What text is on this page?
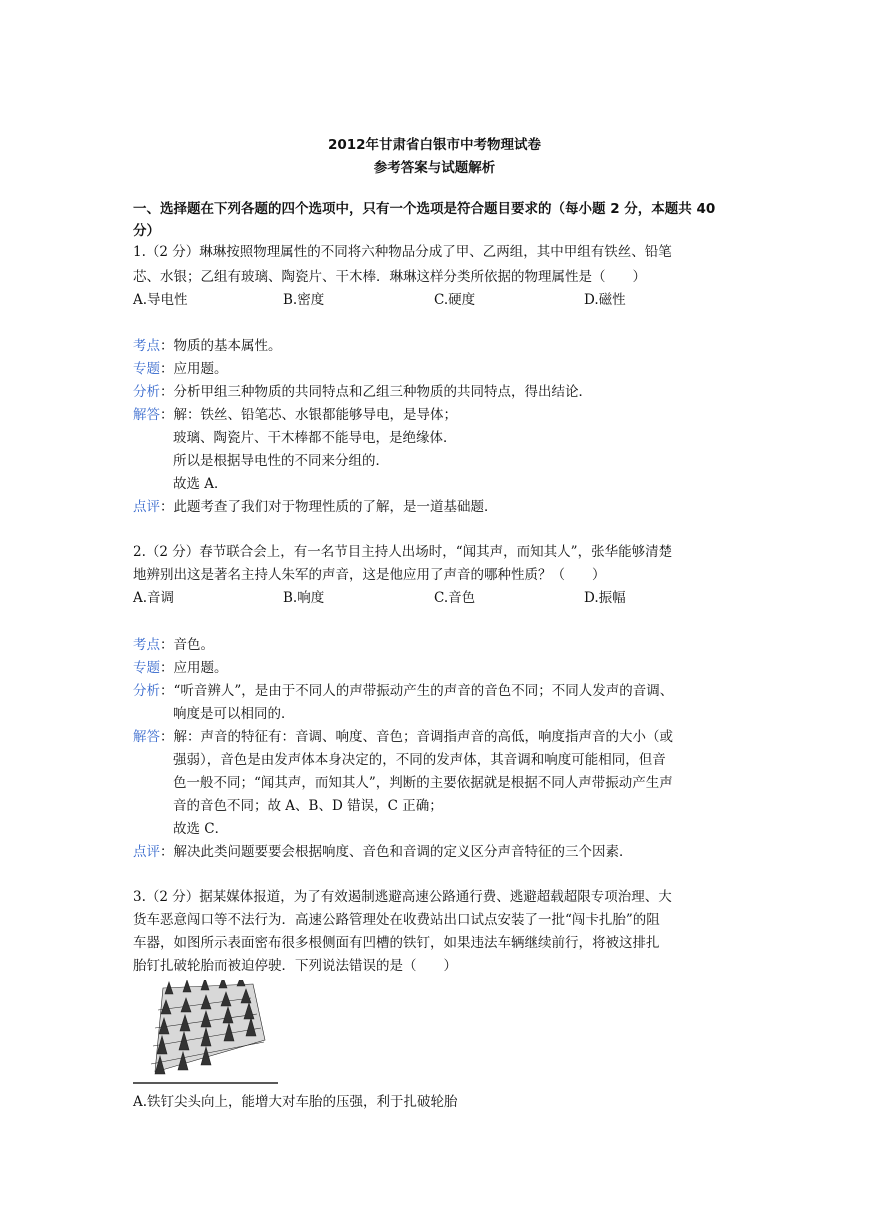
2012年甘肃省白银市中考物理试卷
参考答案与试题解析
一、选择题在下列各题的四个选项中，只有一个选项是符合题目要求的（每小题 2 分，本题共 40 分）
1.（2 分）琳琳按照物理属性的不同将六种物品分成了甲、乙两组，其中甲组有铁丝、铅笔
芯、水银；乙组有玻璃、陶瓷片、干木棒．琳琳这样分类所依据的物理属性是（　　）
A.导电性	B.密度	C.硬度	D.磁性
考点：物质的基本属性。
专题：应用题。
分析：分析甲组三种物质的共同特点和乙组三种物质的共同特点，得出结论．
解答：解：铁丝、铅笔芯、水银都能够导电，是导体；
玻璃、陶瓷片、干木棒都不能导电，是绝缘体．
所以是根据导电性的不同来分组的．
故选 A．
点评：此题考查了我们对于物理性质的了解，是一道基础题．
2.（2 分）春节联合会上，有一名节目主持人出场时，“闻其声，而知其人”，张华能够清楚
地辨别出这是著名主持人朱军的声音，这是他应用了声音的哪种性质？（　　）
A.音调	B.响度	C.音色	D.振幅
考点：音色。
专题：应用题。
分析：“听音辨人”，是由于不同人的声带振动产生的声音的音色不同；不同人发声的音调、
响度是可以相同的．
解答：解：声音的特征有：音调、响度、音色；音调指声音的高低，响度指声音的大小（或
强弱），音色是由发声体本身决定的，不同的发声体，其音调和响度可能相同，但音
色一般不同；“闻其声，而知其人”，判断的主要依据就是根据不同人声带振动产生声
音的音色不同；故 A、B、D 错误，C 正确；
故选 C．
点评：解决此类问题要要会根据响度、音色和音调的定义区分声音特征的三个因素．
3.（2 分）据某媒体报道，为了有效遏制逃避高速公路通行费、逃避超载超限专项治理、大
货车恶意闯口等不法行为．高速公路管理处在收费站出口试点安装了一批“闯卡扎胎”的阻
车器，如图所示表面密布很多根侧面有凹槽的铁钉，如果违法车辆继续前行，将被这排扎
胎钉扎破轮胎而被迫停驶．下列说法错误的是（　　）
A.铁钉尖头向上，能增大对车胎的压强，利于扎破轮胎
